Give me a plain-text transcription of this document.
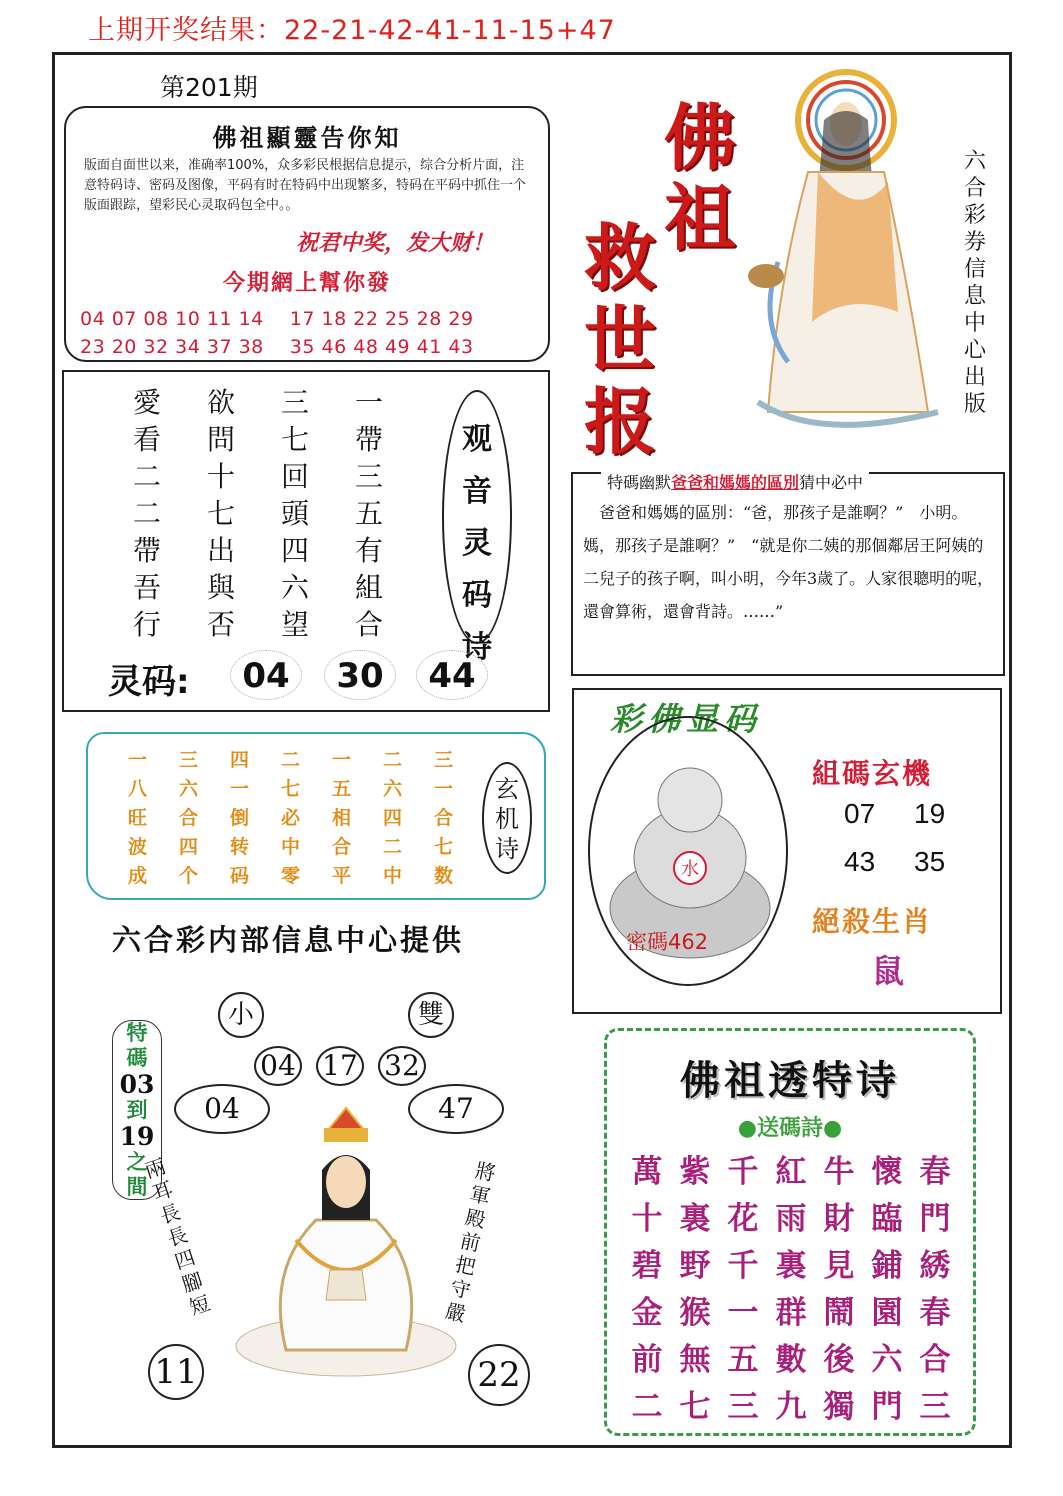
上期开奖结果：22-21-42-41-11-15+47
第201期
佛祖顯靈告你知
版面自面世以来，准确率100%，众多彩民根据信息提示，综合分析片面，注意特码诗、密码及图像，平码有时在特码中出现繁多，特码在平码中抓住一个版面跟踪，望彩民心灵取码包全中。。
祝君中奖，发大财！
今期網上幫你發
04 07 08 10 11 14　 17 18 22 25 28 29
23 20 32 34 37 38　 35 46 48 49 41 43
愛	欲	三	一
看	問	七	帶
二	十	回	三
二	七	頭	五
帶	出	四	有
吾	與	六	組
行	否	望	合
观
音
灵
码
诗
灵码:	04	30	44
一	三	四	二	一	二	三
八	六	一	七	五	六	一
旺	合	倒	必	相	四	合
波	四	转	中	合	二	七
成	个	码	零	平	中	数
玄
机
诗
六合彩内部信息中心提供
小	雙
04 17 32
04	47
特
碼
03
到
19
之
間
兩
耳
長
長
四
腳
短
將
軍
殿
前
把
守
嚴
11	22
佛
祖
救
世
报
六合彩券信息中心出版
特碼幽默爸爸和媽媽的區別猜中必中
　爸爸和媽媽的區別：“爸，那孩子是誰啊？”　小明。　　媽，那孩子是誰啊？”　“就是你二姨的那個鄰居王阿姨的二兒子的孩子啊，叫小明，今年3歲了。人家很聰明的呢，還會算術，還會背詩。……”
彩佛显码
水
密碼462
組碼玄機
07 19
43 35
絕殺生肖
鼠
佛祖透特诗
●送碼詩●
萬 紫 千 紅 牛 懷 春
十 裏 花 雨 財 臨 門
碧 野 千 裏 見 鋪 綉
金 猴 一 群 鬧 園 春
前 無 五 數 後 六 合
二 七 三 九 獨 門 三
